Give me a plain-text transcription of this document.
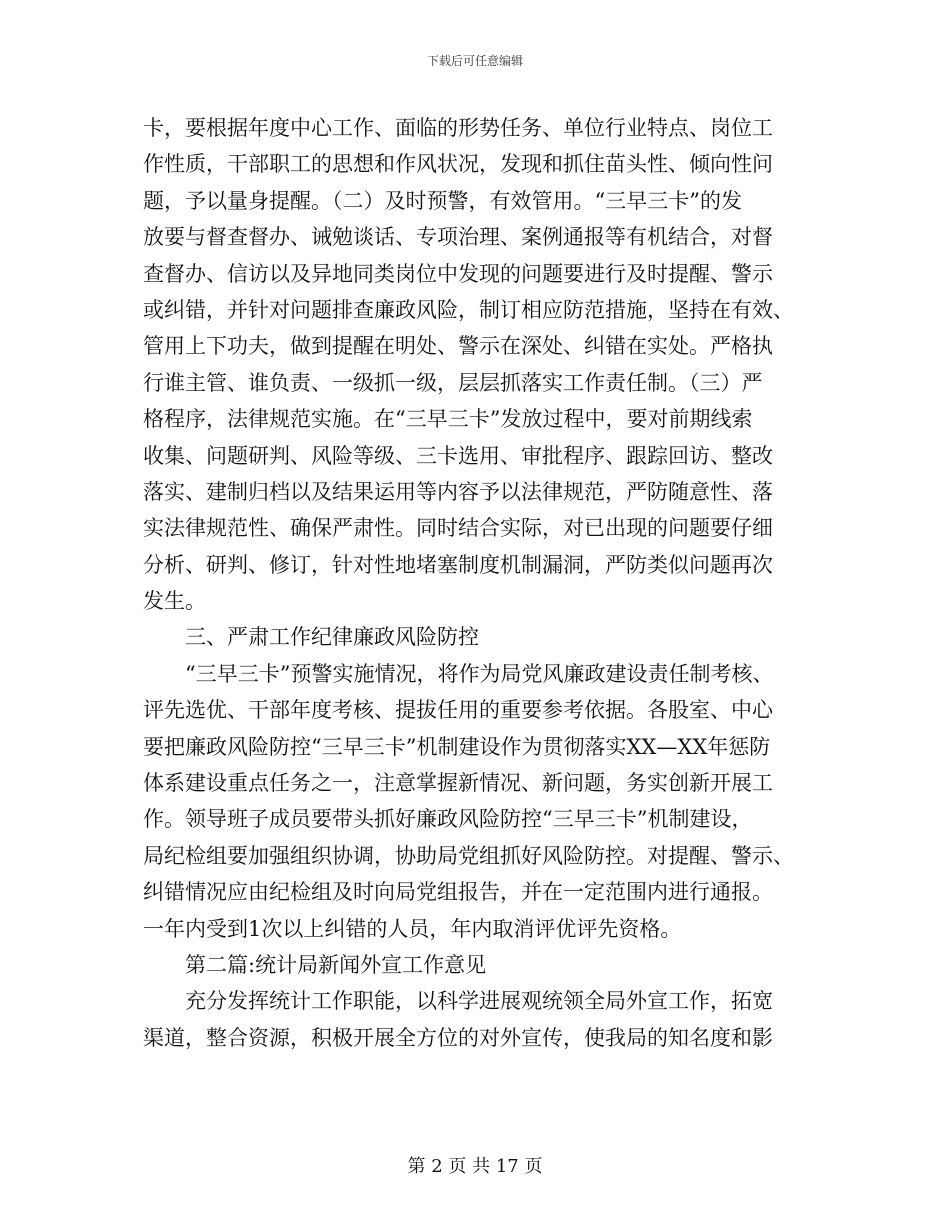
下载后可任意编辑
卡，要根据年度中心工作、面临的形势任务、单位行业特点、岗位工
作性质，干部职工的思想和作风状况，发现和抓住苗头性、倾向性问
题，予以量身提醒。（二）及时预警，有效管用。“三早三卡”的发
放要与督查督办、诫勉谈话、专项治理、案例通报等有机结合，对督
查督办、信访以及异地同类岗位中发现的问题要进行及时提醒、警示
或纠错，并针对问题排查廉政风险，制订相应防范措施，坚持在有效、
管用上下功夫，做到提醒在明处、警示在深处、纠错在实处。严格执
行谁主管、谁负责、一级抓一级，层层抓落实工作责任制。（三）严
格程序，法律规范实施。在“三早三卡”发放过程中，要对前期线索
收集、问题研判、风险等级、三卡选用、审批程序、跟踪回访、整改
落实、建制归档以及结果运用等内容予以法律规范，严防随意性、落
实法律规范性、确保严肃性。同时结合实际，对已出现的问题要仔细
分析、研判、修订，针对性地堵塞制度机制漏洞，严防类似问题再次
发生。
三、严肃工作纪律廉政风险防控
“三早三卡”预警实施情况，将作为局党风廉政建设责任制考核、
评先选优、干部年度考核、提拔任用的重要参考依据。各股室、中心
要把廉政风险防控“三早三卡”机制建设作为贯彻落实XX—XX年惩防
体系建设重点任务之一，注意掌握新情况、新问题，务实创新开展工
作。领导班子成员要带头抓好廉政风险防控“三早三卡”机制建设，
局纪检组要加强组织协调，协助局党组抓好风险防控。对提醒、警示、
纠错情况应由纪检组及时向局党组报告，并在一定范围内进行通报。
一年内受到1次以上纠错的人员，年内取消评优评先资格。
第二篇:统计局新闻外宣工作意见
充分发挥统计工作职能，以科学进展观统领全局外宣工作，拓宽
渠道，整合资源，积极开展全方位的对外宣传，使我局的知名度和影
第 2 页 共 17 页
